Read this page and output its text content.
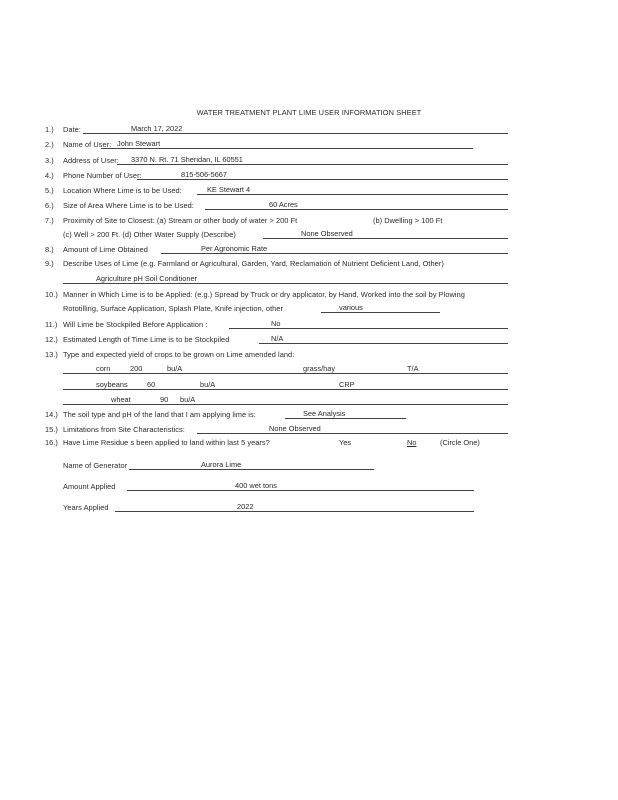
WATER TREATMENT PLANT LIME USER INFORMATION SHEET
1.) Date:	March 17, 2022
2.) Name of User: John Stewart
3.) Address of User: 3370 N. Rt. 71 Sheridan, IL 60551
4.) Phone Number of User:	815-506-5667
5.) Location Where Lime is to be Used:	KE Stewart 4
6.) Size of Area Where Lime is to be Used:	60 Acres
7.) Proximity of Site to Closest: (a) Stream or other body of water > 200 Ft	(b) Dwelling > 100 Ft
(c) Well > 200 Ft. (d) Other Water Supply (Describe)	None Observed
8.) Amount of Lime Obtained	Per Agronomic Rate
9.) Describe Uses of Lime (e.g. Farmland or Agricultural, Garden, Yard, Reclamation of Nutrient Deficient Land, Other)
Agriculture pH Soil Conditioner
10.) Manner in Which Lime is to be Applied: (e.g.) Spread by Truck or dry applicator, by Hand, Worked into the soil by Plowing
Rototilling, Surface Application, Splash Plate, Knife injection, other	various
11.) Will Lime be Stockpiled Before Application :	No
12.) Estimated Length of Time Lime is to be Stockpiled	N/A
13.) Type and expected yield of crops to be grown on Lime amended land:
corn	200	bu/A	grass/hay	T/A
soybeans	60	bu/A	CRP
wheat	90 bu/A
14.) The soil type and pH of the land that I am applying lime is:	See Analysis
15.) Limitations from Site Characteristics:	None Observed
16.) Have Lime Residue s been applied to land within last 5 years?	Yes	No	(Circle One)
Name of Generator	Aurora Lime
Amount Applied	400 wet tons
Years Applied	2022
